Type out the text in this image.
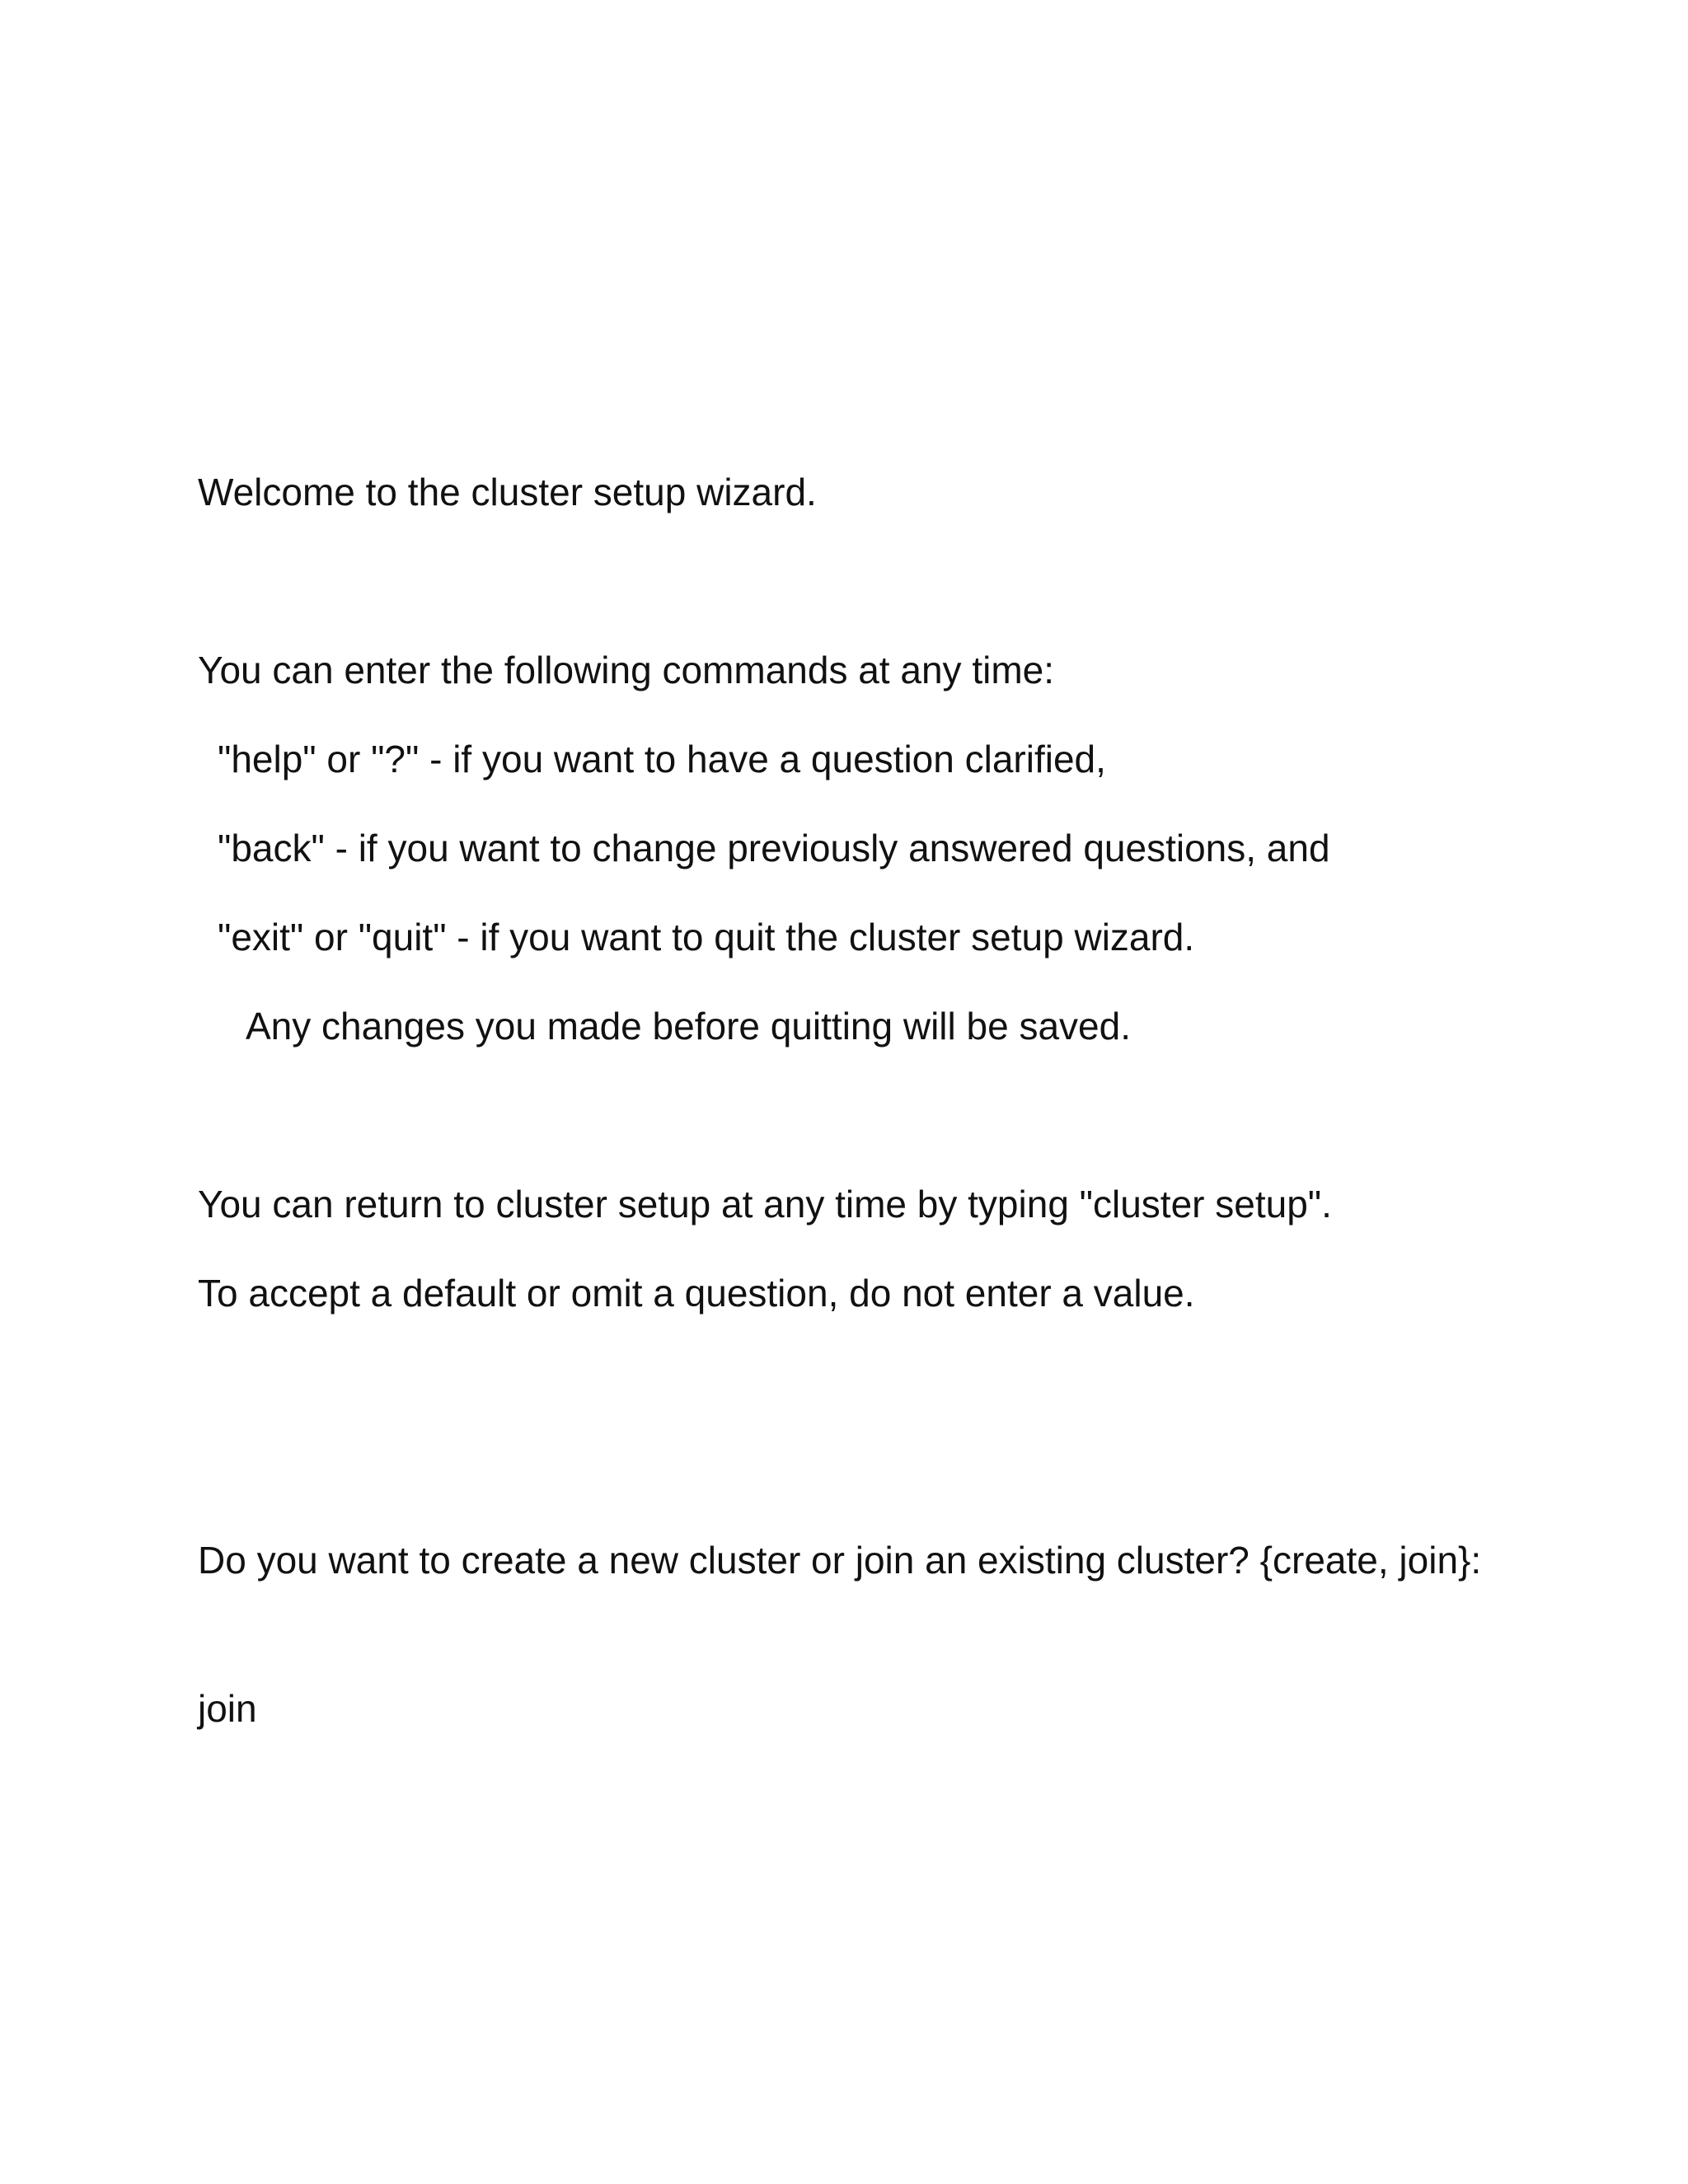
Welcome to the cluster setup wizard.

You can enter the following commands at any time:

"help" or "?" - if you want to have a question clarified,

"back" - if you want to change previously answered questions, and

"exit" or "quit" - if you want to quit the cluster setup wizard.

Any changes you made before quitting will be saved.

You can return to cluster setup at any time by typing "cluster setup".

To accept a default or omit a question, do not enter a value.

Do you want to create a new cluster or join an existing cluster? {create, join}:

join
